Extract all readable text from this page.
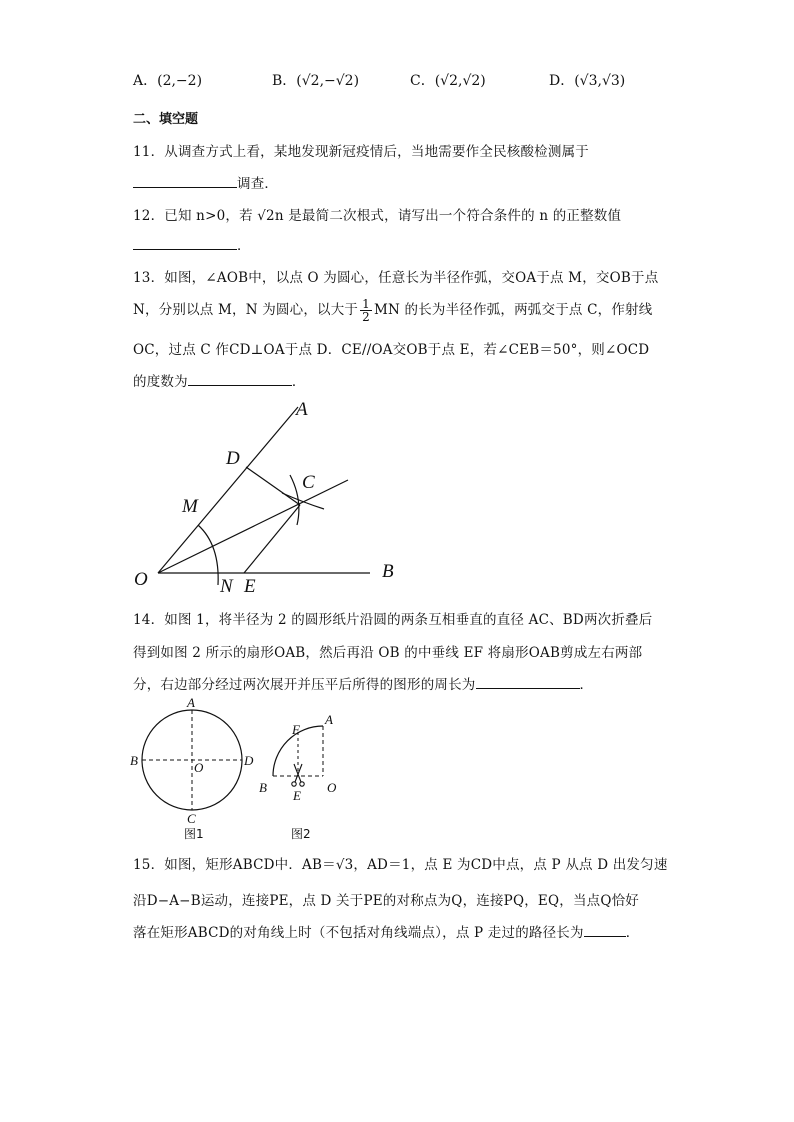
A．(2,−2)	B．(√2,−√2)	C．(√2,√2)	D．(√3,√3)
二、填空题
11．从调查方式上看，某地发现新冠疫情后，当地需要作全民核酸检测属于
调查．
12．已知 n>0，若 √2n 是最简二次根式，请写出一个符合条件的 n 的正整数值
．
13．如图，∠AOB中，以点 O 为圆心，任意长为半径作弧，交OA于点 M，交OB于点
N，分别以点 M，N 为圆心，以大于 $\frac{1}{2}$ MN 的长为半径作弧，两弧交于点 C，作射线
OC，过点 C 作CD⊥OA于点 D．CE//OA交OB于点 E，若∠CEB＝50°，则∠OCD
的度数为	．
A
B
C
D
E
M
N
O
14．如图 1，将半径为 2 的圆形纸片沿圆的两条互相垂直的直径 AC、BD两次折叠后
得到如图 2 所示的扇形OAB，然后再沿 OB 的中垂线 EF 将扇形OAB剪成左右两部
分，右边部分经过两次展开并压平后所得的图形的周长为	．
A
B
C
D
O
图1
A
B
E
F
O
图2
15．如图，矩形ABCD中．AB＝√3，AD＝1，点 E 为CD中点，点 P 从点 D 出发匀速
沿D−A−B运动，连接PE，点 D 关于PE的对称点为Q，连接PQ，EQ，当点Q恰好
落在矩形ABCD的对角线上时（不包括对角线端点），点 P 走过的路径长为	．
